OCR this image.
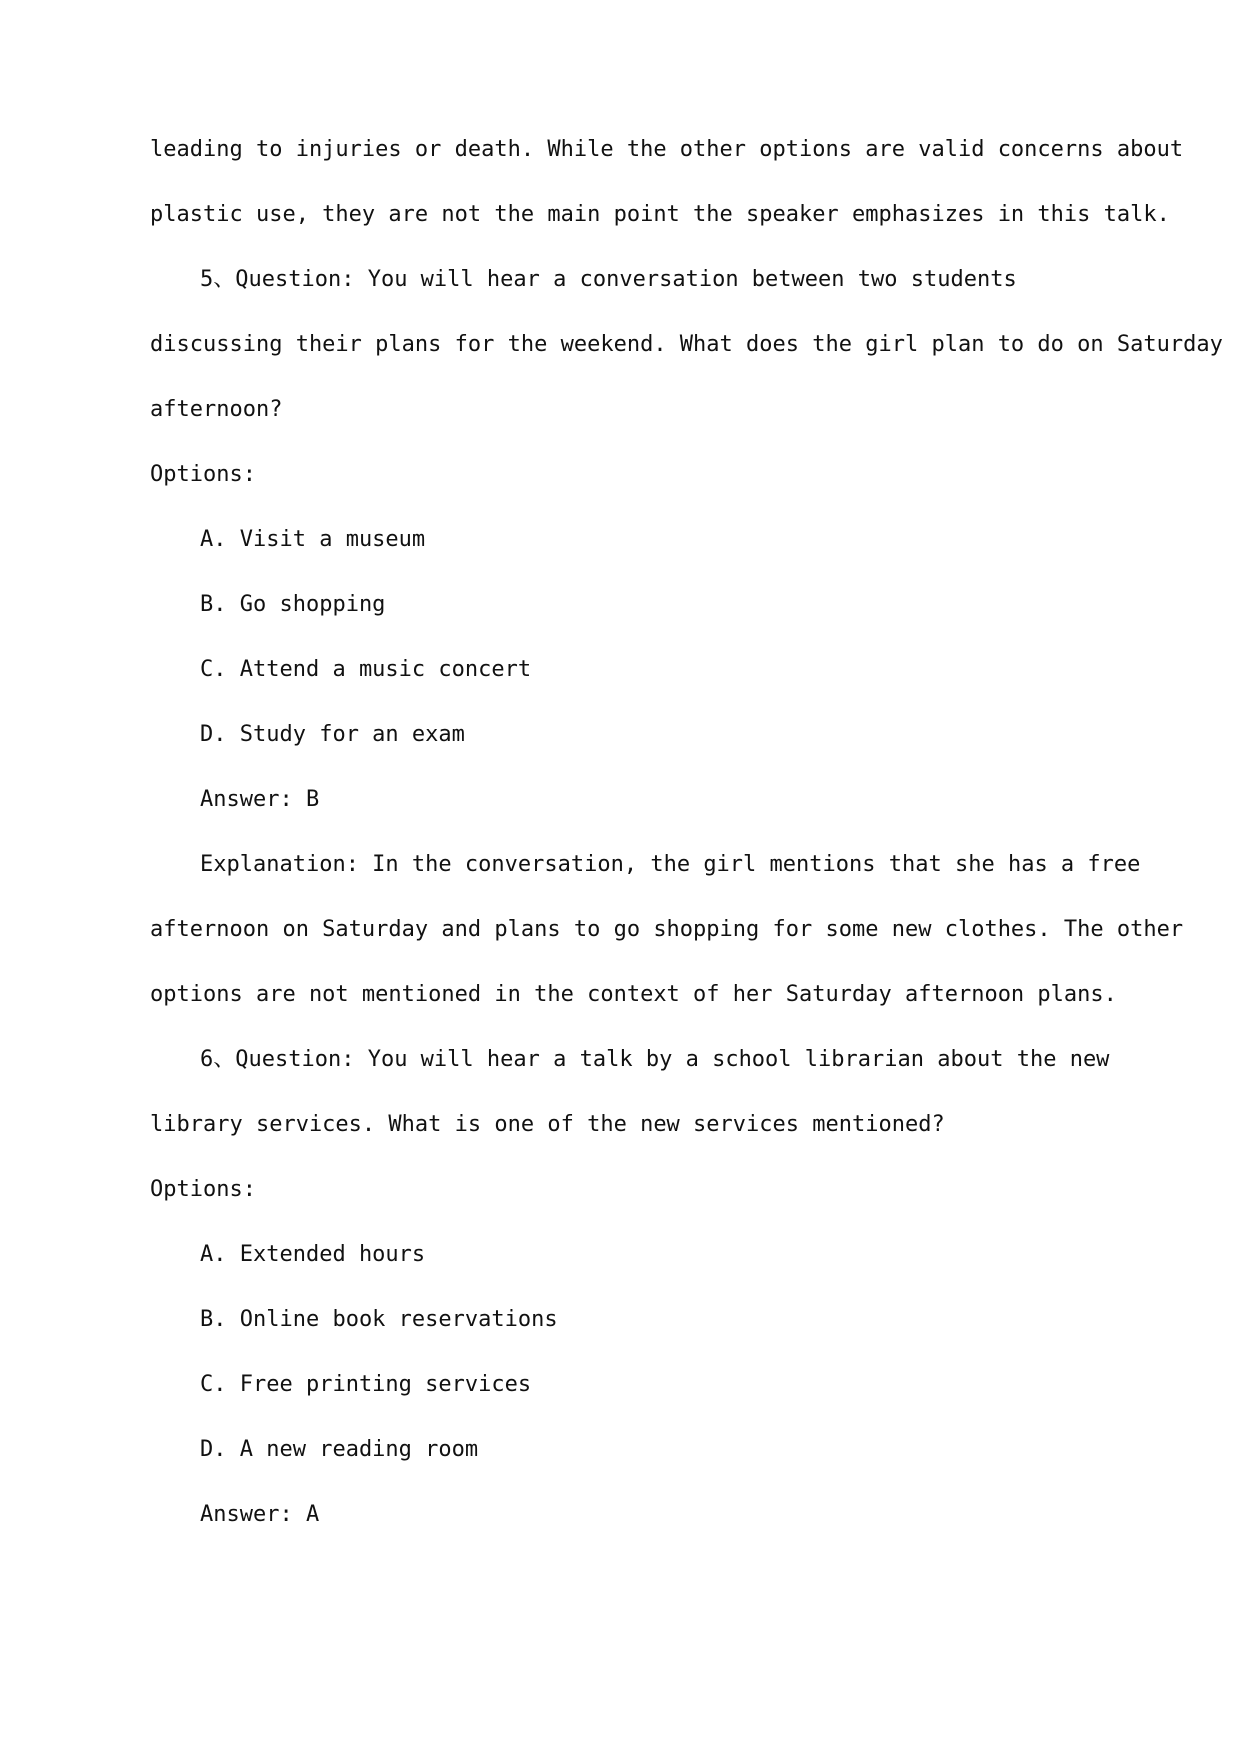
leading to injuries or death. While the other options are valid concerns about
plastic use, they are not the main point the speaker emphasizes in this talk.
5、Question: You will hear a conversation between two students
discussing their plans for the weekend. What does the girl plan to do on Saturday
afternoon?
Options:
A. Visit a museum
B. Go shopping
C. Attend a music concert
D. Study for an exam
Answer: B
Explanation: In the conversation, the girl mentions that she has a free
afternoon on Saturday and plans to go shopping for some new clothes. The other
options are not mentioned in the context of her Saturday afternoon plans.
6、Question: You will hear a talk by a school librarian about the new
library services. What is one of the new services mentioned?
Options:
A. Extended hours
B. Online book reservations
C. Free printing services
D. A new reading room
Answer: A
